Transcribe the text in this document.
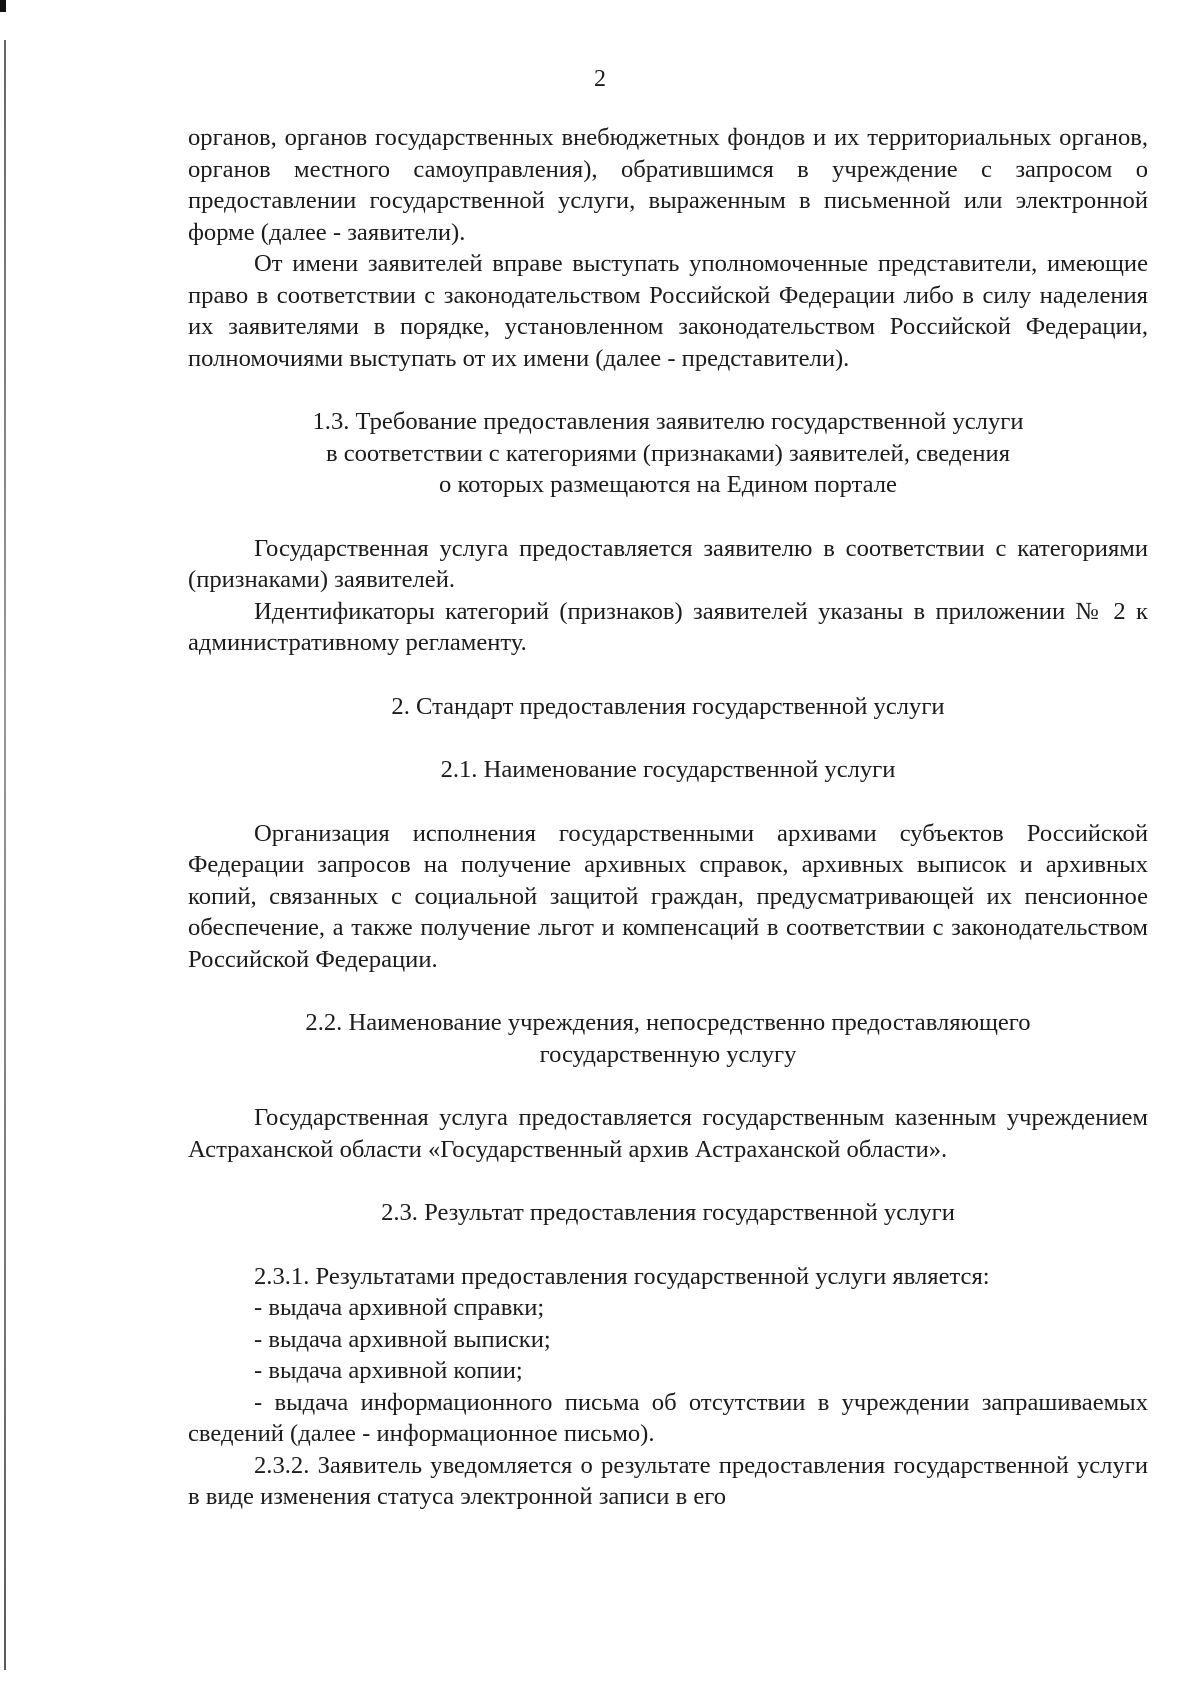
2

органов, органов государственных внебюджетных фондов и их территориальных органов, органов местного самоуправления), обратившимся в учреждение с запросом о предоставлении государственной услуги, выраженным в письменной или электронной форме (далее - заявители).

От имени заявителей вправе выступать уполномоченные представители, имеющие право в соответствии с законодательством Российской Федерации либо в силу наделения их заявителями в порядке, установленном законодательством Российской Федерации, полномочиями выступать от их имени (далее - представители).

1.3. Требование предоставления заявителю государственной услуги
в соответствии с категориями (признаками) заявителей, сведения
о которых размещаются на Едином портале

Государственная услуга предоставляется заявителю в соответствии с категориями (признаками) заявителей.

Идентификаторы категорий (признаков) заявителей указаны в приложении № 2 к административному регламенту.

2. Стандарт предоставления государственной услуги

2.1. Наименование государственной услуги

Организация исполнения государственными архивами субъектов Российской Федерации запросов на получение архивных справок, архивных выписок и архивных копий, связанных с социальной защитой граждан, предусматривающей их пенсионное обеспечение, а также получение льгот и компенсаций в соответствии с законодательством Российской Федерации.

2.2. Наименование учреждения, непосредственно предоставляющего
государственную услугу

Государственная услуга предоставляется государственным казенным учреждением Астраханской области «Государственный архив Астраханской области».

2.3. Результат предоставления государственной услуги

2.3.1. Результатами предоставления государственной услуги является:

- выдача архивной справки;

- выдача архивной выписки;

- выдача архивной копии;

- выдача информационного письма об отсутствии в учреждении запрашиваемых сведений (далее - информационное письмо).

2.3.2. Заявитель уведомляется о результате предоставления государственной услуги в виде изменения статуса электронной записи в его
